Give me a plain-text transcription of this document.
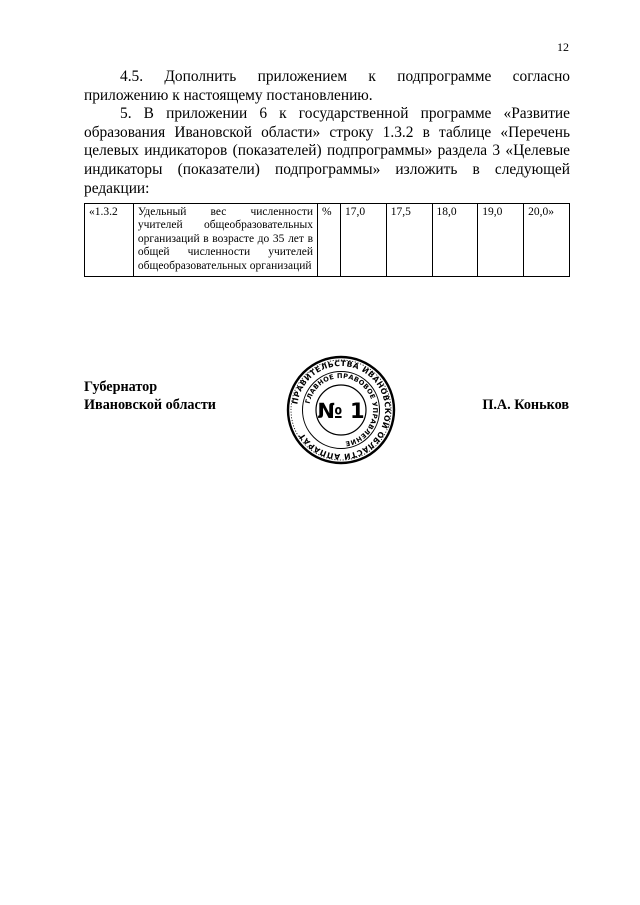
12

4.5. Дополнить приложением к подпрограмме согласно приложению к настоящему постановлению.

5. В приложении 6 к государственной программе «Развитие образования Ивановской области» строку 1.3.2 в таблице «Перечень целевых индикаторов (показателей) подпрограммы» раздела 3 «Целевые индикаторы (показатели) подпрограммы» изложить в следующей редакции:

«1.3.2	Удельный вес численности учителей общеобразовательных организаций в возрасте до 35 лет в общей численности учителей общеобразовательных организаций	%	17,0	17,5	18,0	19,0	20,0»
Губернатор
Ивановской области	П.А. Коньков
ПРАВИТЕЛЬСТВА ИВАНОВСКОЙ ОБЛАСТИ АППАРАТ
ГЛАВНОЕ ПРАВОВОЕ УПРАВЛЕНИЕ
№ 1
